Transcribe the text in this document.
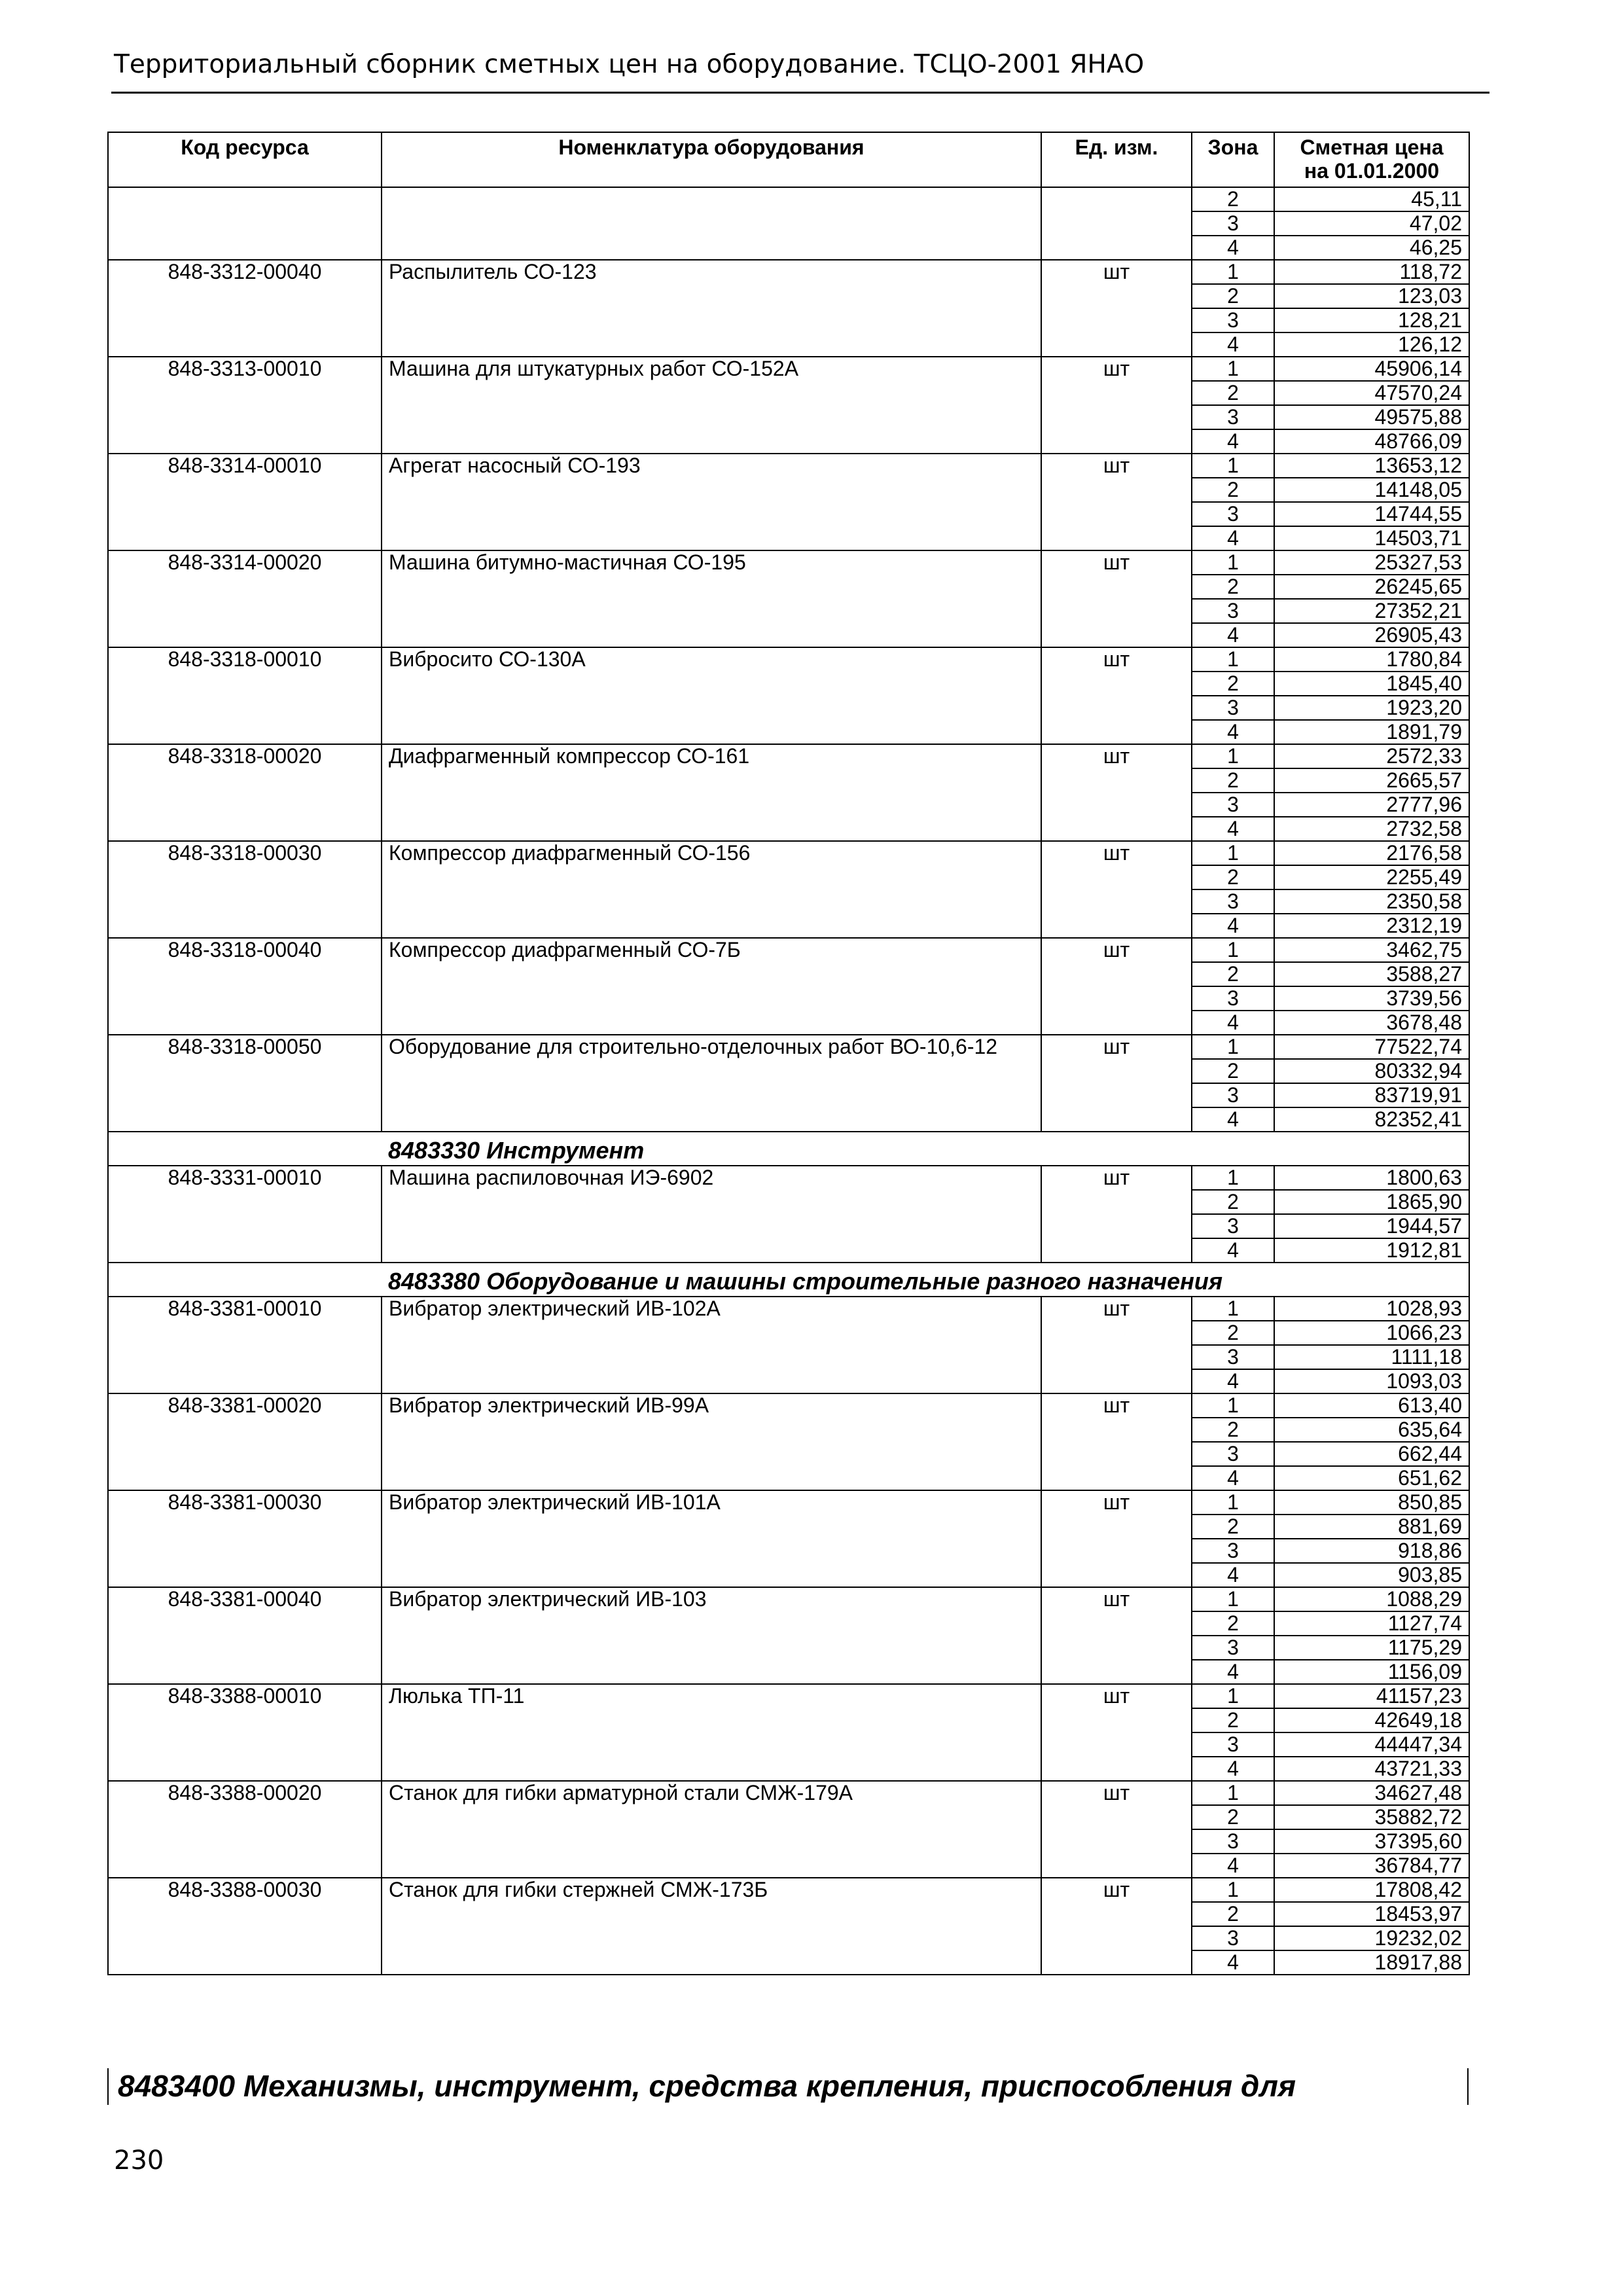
Территориальный сборник сметных цен на оборудование. ТСЦО-2001 ЯНАО
Код ресурса	Номенклатура оборудования	Ед. изм.	Зона	Сметная цена
на 01.01.2000
			2	45,11
			3	47,02
			4	46,25
848-3312-00040	Распылитель СО-123	шт	1	118,72
			2	123,03
			3	128,21
			4	126,12
848-3313-00010	Машина для штукатурных работ СО-152А	шт	1	45906,14
			2	47570,24
			3	49575,88
			4	48766,09
848-3314-00010	Агрегат насосный СО-193	шт	1	13653,12
			2	14148,05
			3	14744,55
			4	14503,71
848-3314-00020	Машина битумно-мастичная СО-195	шт	1	25327,53
			2	26245,65
			3	27352,21
			4	26905,43
848-3318-00010	Вибросито СО-130А	шт	1	1780,84
			2	1845,40
			3	1923,20
			4	1891,79
848-3318-00020	Диафрагменный компрессор СО-161	шт	1	2572,33
			2	2665,57
			3	2777,96
			4	2732,58
848-3318-00030	Компрессор диафрагменный СО-156	шт	1	2176,58
			2	2255,49
			3	2350,58
			4	2312,19
848-3318-00040	Компрессор диафрагменный СО-7Б	шт	1	3462,75
			2	3588,27
			3	3739,56
			4	3678,48
848-3318-00050	Оборудование для строительно-отделочных работ ВО-10,6-12	шт	1	77522,74
			2	80332,94
			3	83719,91
			4	82352,41
	8483330 Инструмент			
848-3331-00010	Машина распиловочная ИЭ-6902	шт	1	1800,63
			2	1865,90
			3	1944,57
			4	1912,81
	8483380 Оборудование и машины строительные разного назначения			
848-3381-00010	Вибратор электрический ИВ-102А	шт	1	1028,93
			2	1066,23
			3	1111,18
			4	1093,03
848-3381-00020	Вибратор электрический ИВ-99А	шт	1	613,40
			2	635,64
			3	662,44
			4	651,62
848-3381-00030	Вибратор электрический ИВ-101А	шт	1	850,85
			2	881,69
			3	918,86
			4	903,85
848-3381-00040	Вибратор электрический ИВ-103	шт	1	1088,29
			2	1127,74
			3	1175,29
			4	1156,09
848-3388-00010	Люлька ТП-11	шт	1	41157,23
			2	42649,18
			3	44447,34
			4	43721,33
848-3388-00020	Станок для гибки арматурной стали СМЖ-179А	шт	1	34627,48
			2	35882,72
			3	37395,60
			4	36784,77
848-3388-00030	Станок для гибки стержней СМЖ-173Б	шт	1	17808,42
			2	18453,97
			3	19232,02
			4	18917,88
8483400 Механизмы, инструмент, средства крепления, приспособления для
230
